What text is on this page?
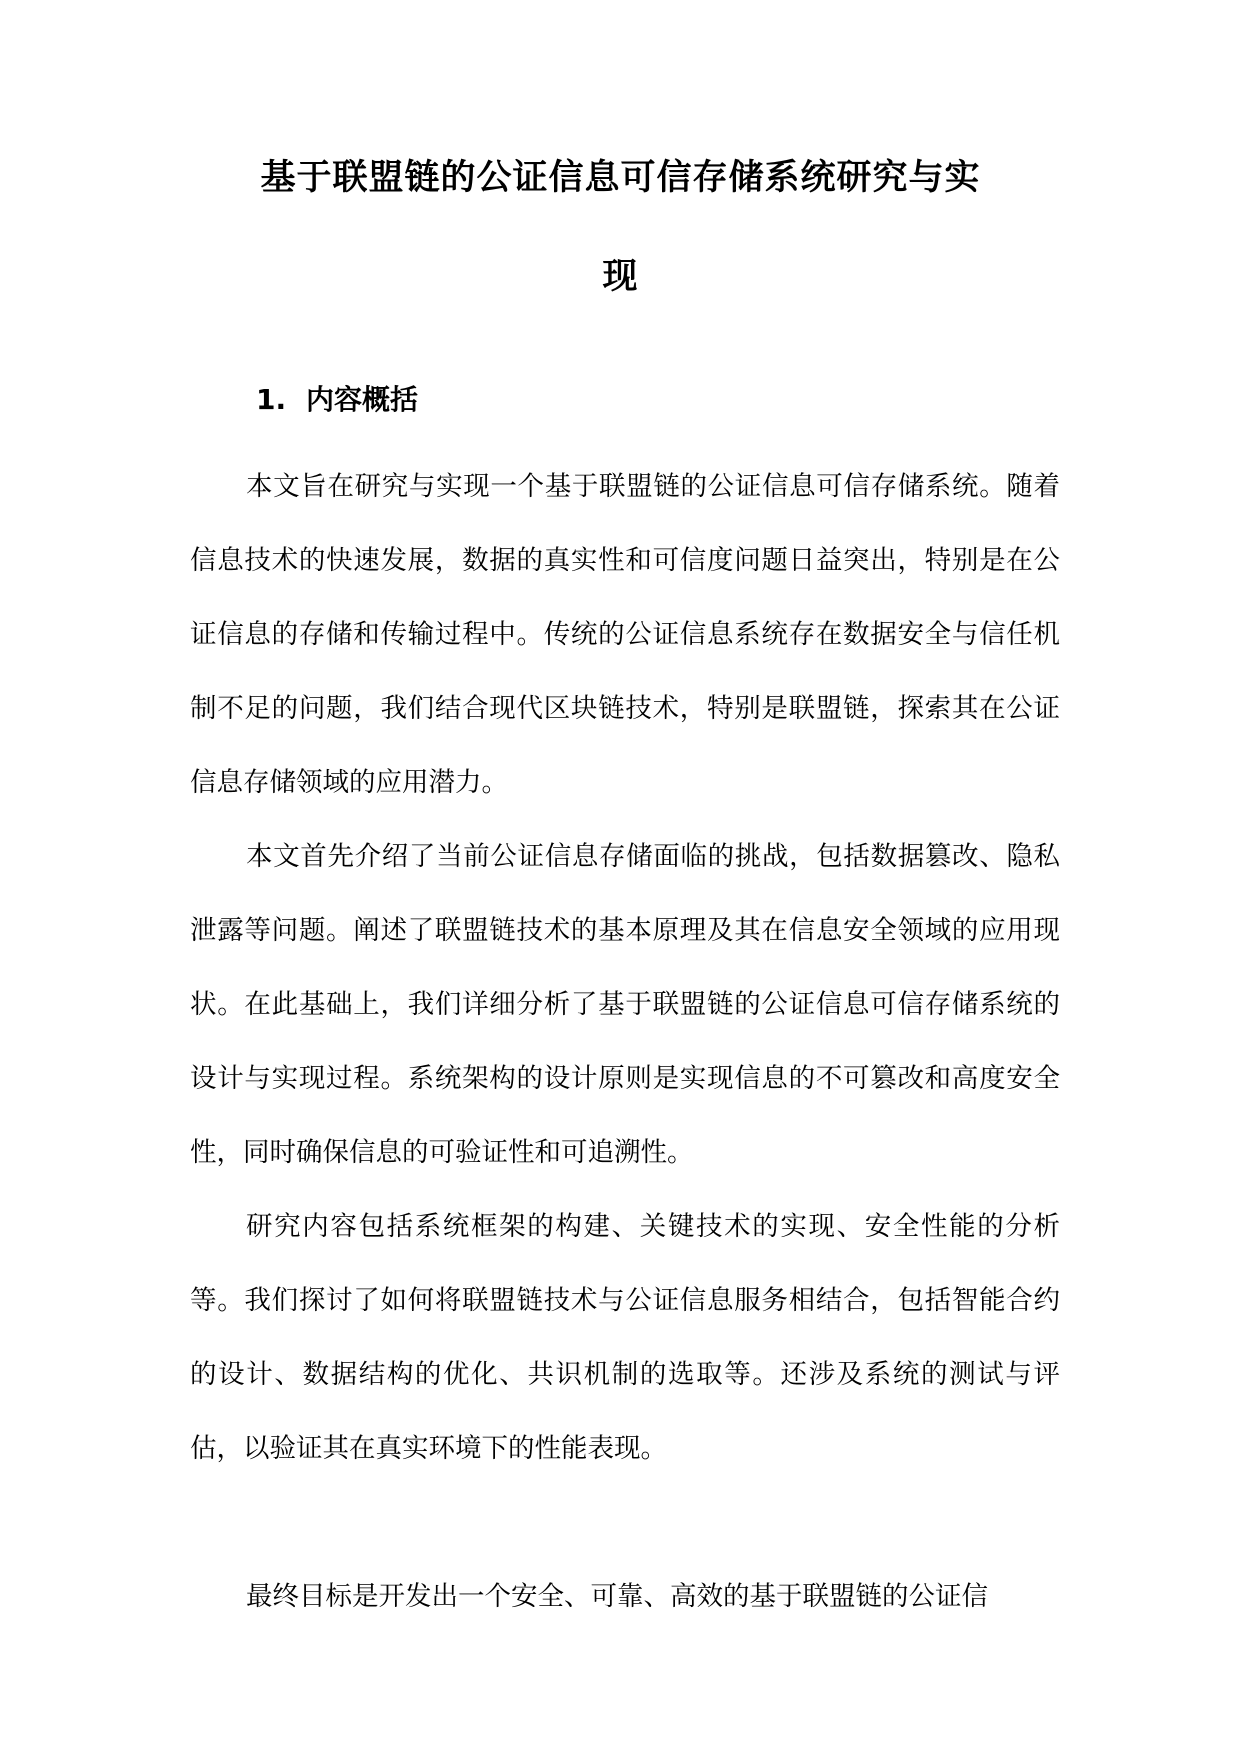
基于联盟链的公证信息可信存储系统研究与实
现
1. 内容概括

本文旨在研究与实现一个基于联盟链的公证信息可信存储系统。随着信息技术的快速发展，数据的真实性和可信度问题日益突出，特别是在公证信息的存储和传输过程中。传统的公证信息系统存在数据安全与信任机制不足的问题，我们结合现代区块链技术，特别是联盟链，探索其在公证信息存储领域的应用潜力。

本文首先介绍了当前公证信息存储面临的挑战，包括数据篡改、隐私泄露等问题。阐述了联盟链技术的基本原理及其在信息安全领域的应用现状。在此基础上，我们详细分析了基于联盟链的公证信息可信存储系统的设计与实现过程。系统架构的设计原则是实现信息的不可篡改和高度安全性，同时确保信息的可验证性和可追溯性。

研究内容包括系统框架的构建、关键技术的实现、安全性能的分析等。我们探讨了如何将联盟链技术与公证信息服务相结合，包括智能合约的设计、数据结构的优化、共识机制的选取等。还涉及系统的测试与评估，以验证其在真实环境下的性能表现。

最终目标是开发出一个安全、可靠、高效的基于联盟链的公证信
